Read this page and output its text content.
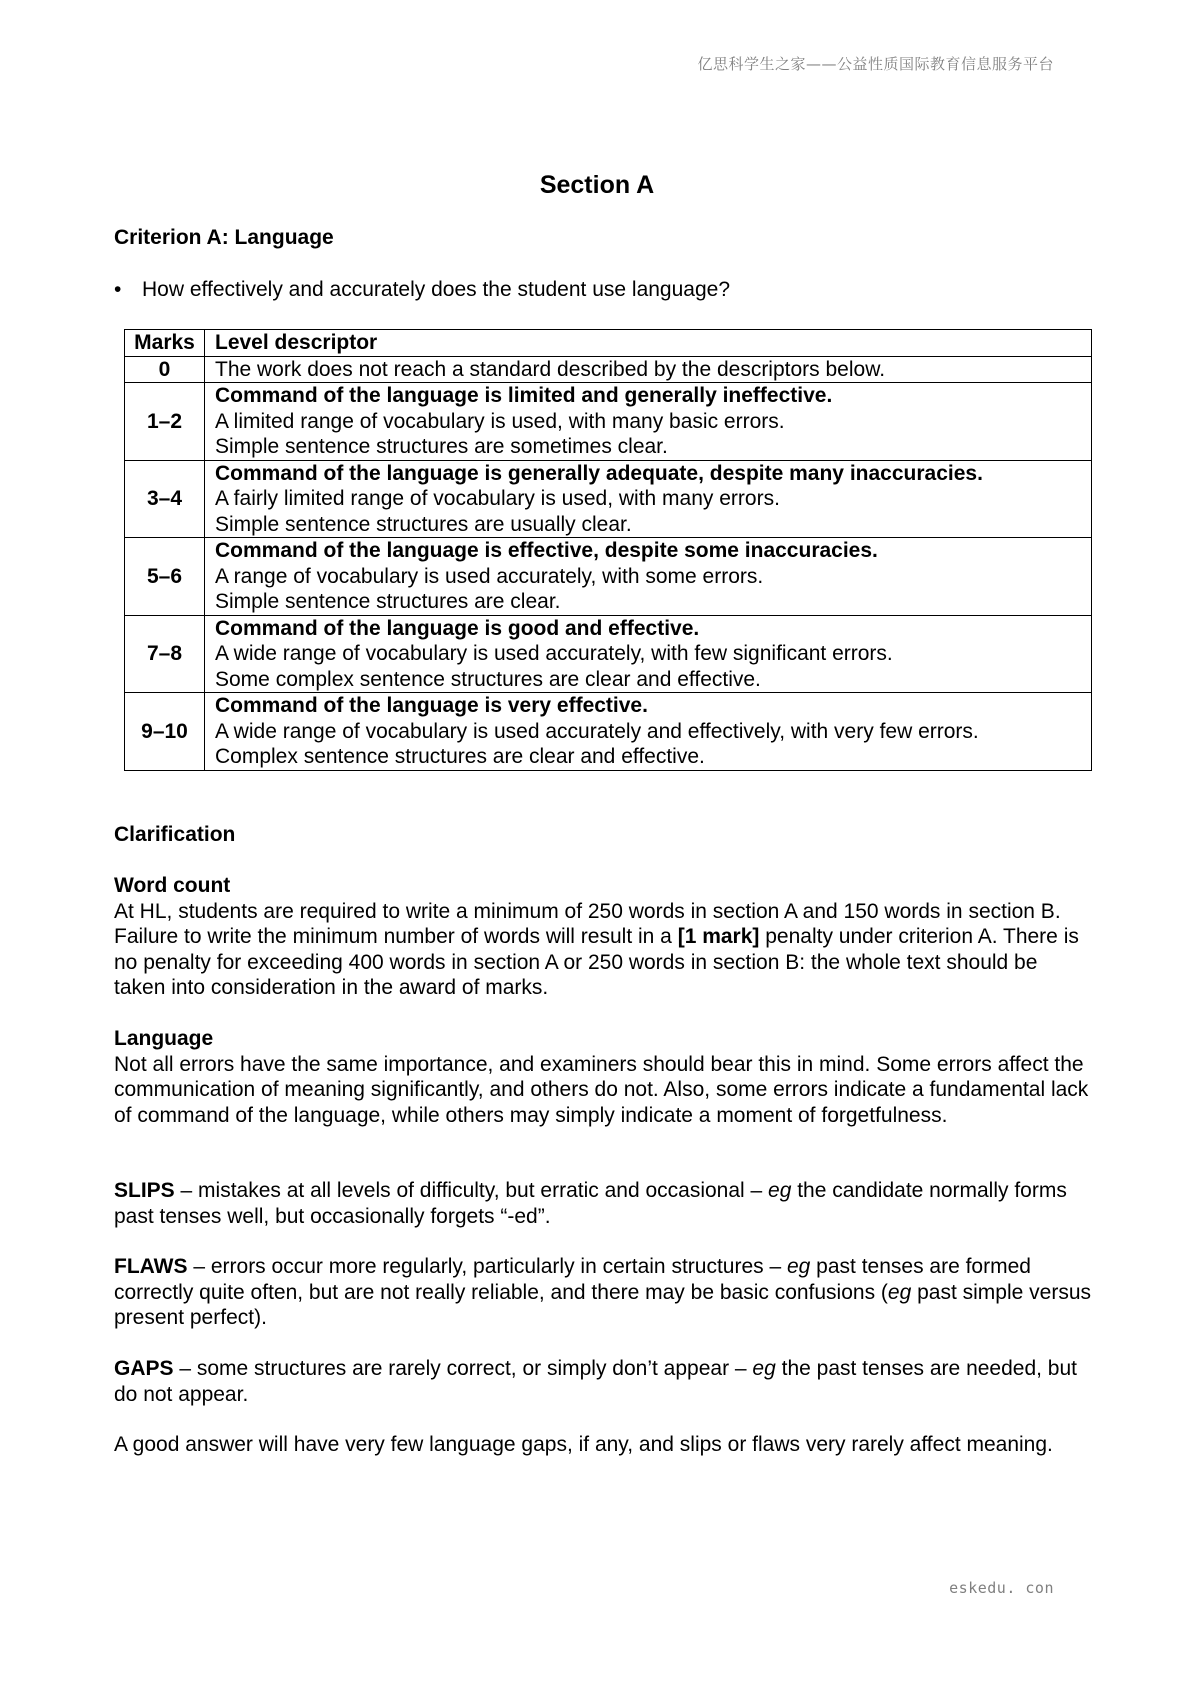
亿思科学生之家——公益性质国际教育信息服务平台
Section A
Criterion A: Language
• How effectively and accurately does the student use language?
Marks	Level descriptor
0	The work does not reach a standard described by the descriptors below.

1–2	Command of the language is limited and generally ineffective.
A limited range of vocabulary is used, with many basic errors.
Simple sentence structures are sometimes clear.

3–4	Command of the language is generally adequate, despite many inaccuracies.
A fairly limited range of vocabulary is used, with many errors.
Simple sentence structures are usually clear.

5–6	Command of the language is effective, despite some inaccuracies.
A range of vocabulary is used accurately, with some errors.
Simple sentence structures are clear.

7–8	Command of the language is good and effective.
A wide range of vocabulary is used accurately, with few significant errors.
Some complex sentence structures are clear and effective.

9–10	Command of the language is very effective.
A wide range of vocabulary is used accurately and effectively, with very few errors.
Complex sentence structures are clear and effective.
Clarification
Word count
At HL, students are required to write a minimum of 250 words in section A and 150 words in section B. Failure to write the minimum number of words will result in a [1 mark] penalty under criterion A. There is no penalty for exceeding 400 words in section A or 250 words in section B: the whole text should be taken into consideration in the award of marks.
Language
Not all errors have the same importance, and examiners should bear this in mind. Some errors affect the communication of meaning significantly, and others do not. Also, some errors indicate a fundamental lack of command of the language, while others may simply indicate a moment of forgetfulness.
SLIPS – mistakes at all levels of difficulty, but erratic and occasional – eg the candidate normally forms past tenses well, but occasionally forgets “-ed”.
FLAWS – errors occur more regularly, particularly in certain structures – eg past tenses are formed correctly quite often, but are not really reliable, and there may be basic confusions (eg past simple versus present perfect).
GAPS – some structures are rarely correct, or simply don’t appear – eg the past tenses are needed, but do not appear.
A good answer will have very few language gaps, if any, and slips or flaws very rarely affect meaning.
eskedu. con
